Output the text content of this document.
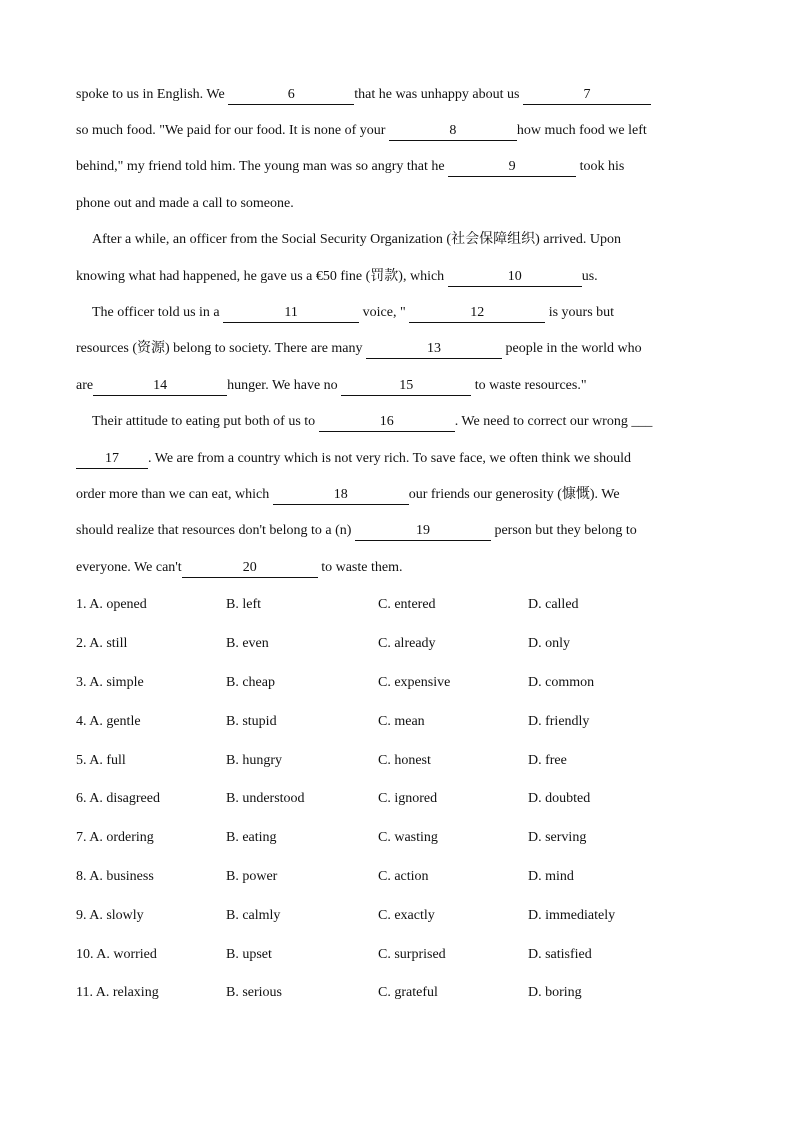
spoke to us in English. We	6	that he was unhappy about us	7
so much food. "We paid for our food. It is none of your	8	how much food we left
behind," my friend told him. The young man was so angry that he	9	took his
phone out and made a call to someone.
After a while, an officer from the Social Security Organization (社会保障组织) arrived. Upon
knowing what had happened, he gave us a €50 fine (罚款), which	10	us.
The officer told us in a	11	voice, "	12	is yours but
resources (资源) belong to society. There are many	13	people in the world who
are	14	hunger. We have no	15	to waste resources."
Their attitude to eating put both of us to	16	. We need to correct our wrong ___
17 . We are from a country which is not very rich. To save face, we often think we should
order more than we can eat, which	18	our friends our generosity (慷慨). We
should realize that resources don't belong to a (n)	19	person but they belong to
everyone. We can't	20	to waste them.
1. A. opened	B. left	C. entered	D. called
2. A. still	B. even	C. already	D. only
3. A. simple	B. cheap	C. expensive	D. common
4. A. gentle	B. stupid	C. mean	D. friendly
5. A. full	B. hungry	C. honest	D. free
6. A. disagreed	B. understood	C. ignored	D. doubted
7. A. ordering	B. eating	C. wasting	D. serving
8. A. business	B. power	C. action	D. mind
9. A. slowly	B. calmly	C. exactly	D. immediately
10. A. worried	B. upset	C. surprised	D. satisfied
11. A. relaxing	B. serious	C. grateful	D. boring
